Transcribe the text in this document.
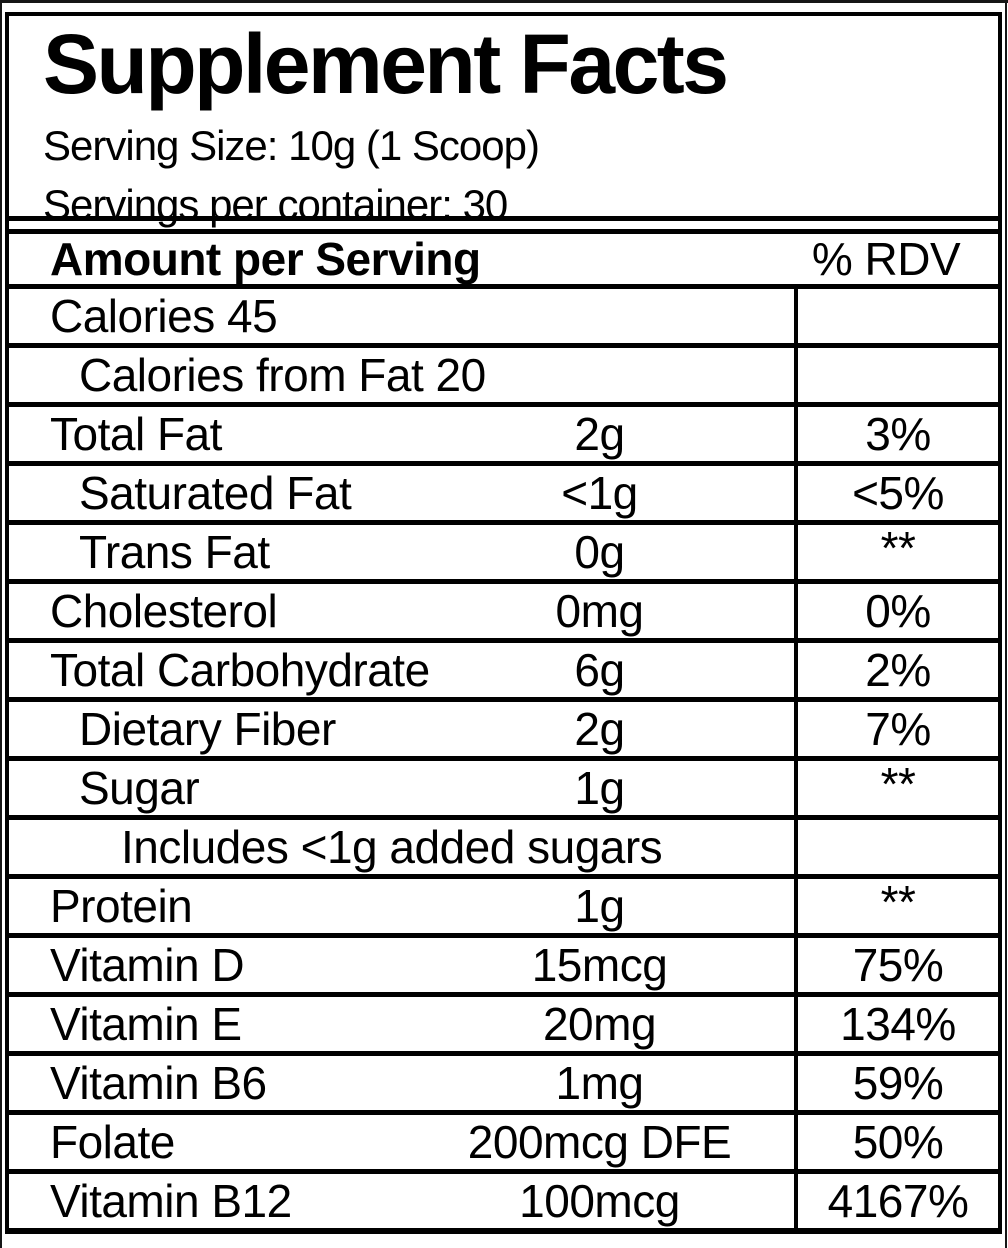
Supplement Facts
Serving Size: 10g (1 Scoop)
Servings per container: 30
Amount per Serving	% RDV
Calories 45
Calories from Fat 20
Total Fat	2g	3%
Saturated Fat	<1g	<5%
Trans Fat	0g	**
Cholesterol	0mg	0%
Total Carbohydrate	6g	2%
Dietary Fiber	2g	7%
Sugar	1g	**
Includes <1g added sugars
Protein	1g	**
Vitamin D	15mcg	75%
Vitamin E	20mg	134%
Vitamin B6	1mg	59%
Folate	200mcg DFE	50%
Vitamin B12	100mcg	4167%
